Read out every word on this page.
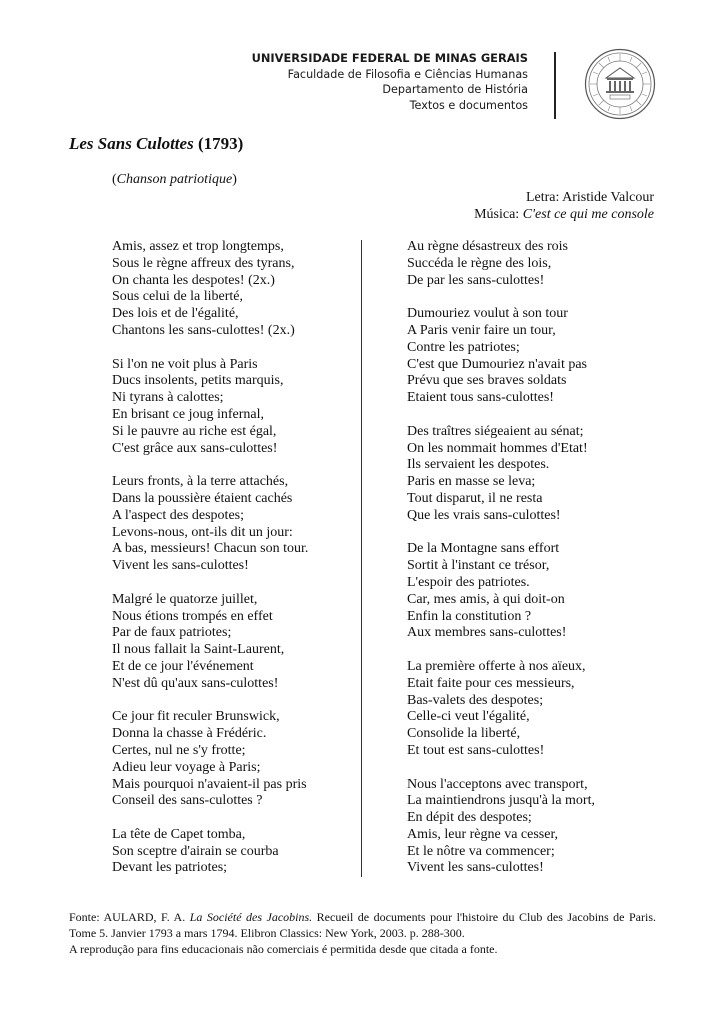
UNIVERSIDADE FEDERAL DE MINAS GERAIS
Faculdade de Filosofia e Ciências Humanas
Departamento de História
Textos e documentos
Les Sans Culottes (1793)
(Chanson patriotique)
Letra: Aristide Valcour
Música: C'est ce qui me console
Amis, assez et trop longtemps,
Sous le règne affreux des tyrans,
On chanta les despotes! (2x.)
Sous celui de la liberté,
Des lois et de l'égalité,
Chantons les sans-culottes! (2x.)
Si l'on ne voit plus à Paris
Ducs insolents, petits marquis,
Ni tyrans à calottes;
En brisant ce joug infernal,
Si le pauvre au riche est égal,
C'est grâce aux sans-culottes!
Leurs fronts, à la terre attachés,
Dans la poussière étaient cachés
A l'aspect des despotes;
Levons-nous, ont-ils dit un jour:
A bas, messieurs! Chacun son tour.
Vivent les sans-culottes!
Malgré le quatorze juillet,
Nous étions trompés en effet
Par de faux patriotes;
Il nous fallait la Saint-Laurent,
Et de ce jour l'événement
N'est dû qu'aux sans-culottes!
Ce jour fit reculer Brunswick,
Donna la chasse à Frédéric.
Certes, nul ne s'y frotte;
Adieu leur voyage à Paris;
Mais pourquoi n'avaient-il pas pris
Conseil des sans-culottes ?
La tête de Capet tomba,
Son sceptre d'airain se courba
Devant les patriotes;
Au règne désastreux des rois
Succéda le règne des lois,
De par les sans-culottes!
Dumouriez voulut à son tour
A Paris venir faire un tour,
Contre les patriotes;
C'est que Dumouriez n'avait pas
Prévu que ses braves soldats
Etaient tous sans-culottes!
Des traîtres siégeaient au sénat;
On les nommait hommes d'Etat!
Ils servaient les despotes.
Paris en masse se leva;
Tout disparut, il ne resta
Que les vrais sans-culottes!
De la Montagne sans effort
Sortit à l'instant ce trésor,
L'espoir des patriotes.
Car, mes amis, à qui doit-on
Enfin la constitution ?
Aux membres sans-culottes!
La première offerte à nos aïeux,
Etait faite pour ces messieurs,
Bas-valets des despotes;
Celle-ci veut l'égalité,
Consolide la liberté,
Et tout est sans-culottes!
Nous l'acceptons avec transport,
La maintiendrons jusqu'à la mort,
En dépit des despotes;
Amis, leur règne va cesser,
Et le nôtre va commencer;
Vivent les sans-culottes!
Fonte: AULARD, F. A. La Société des Jacobins. Recueil de documents pour l'histoire du Club des Jacobins de Paris.
Tome 5. Janvier 1793 a mars 1794. Elibron Classics: New York, 2003. p. 288-300.
A reprodução para fins educacionais não comerciais é permitida desde que citada a fonte.
